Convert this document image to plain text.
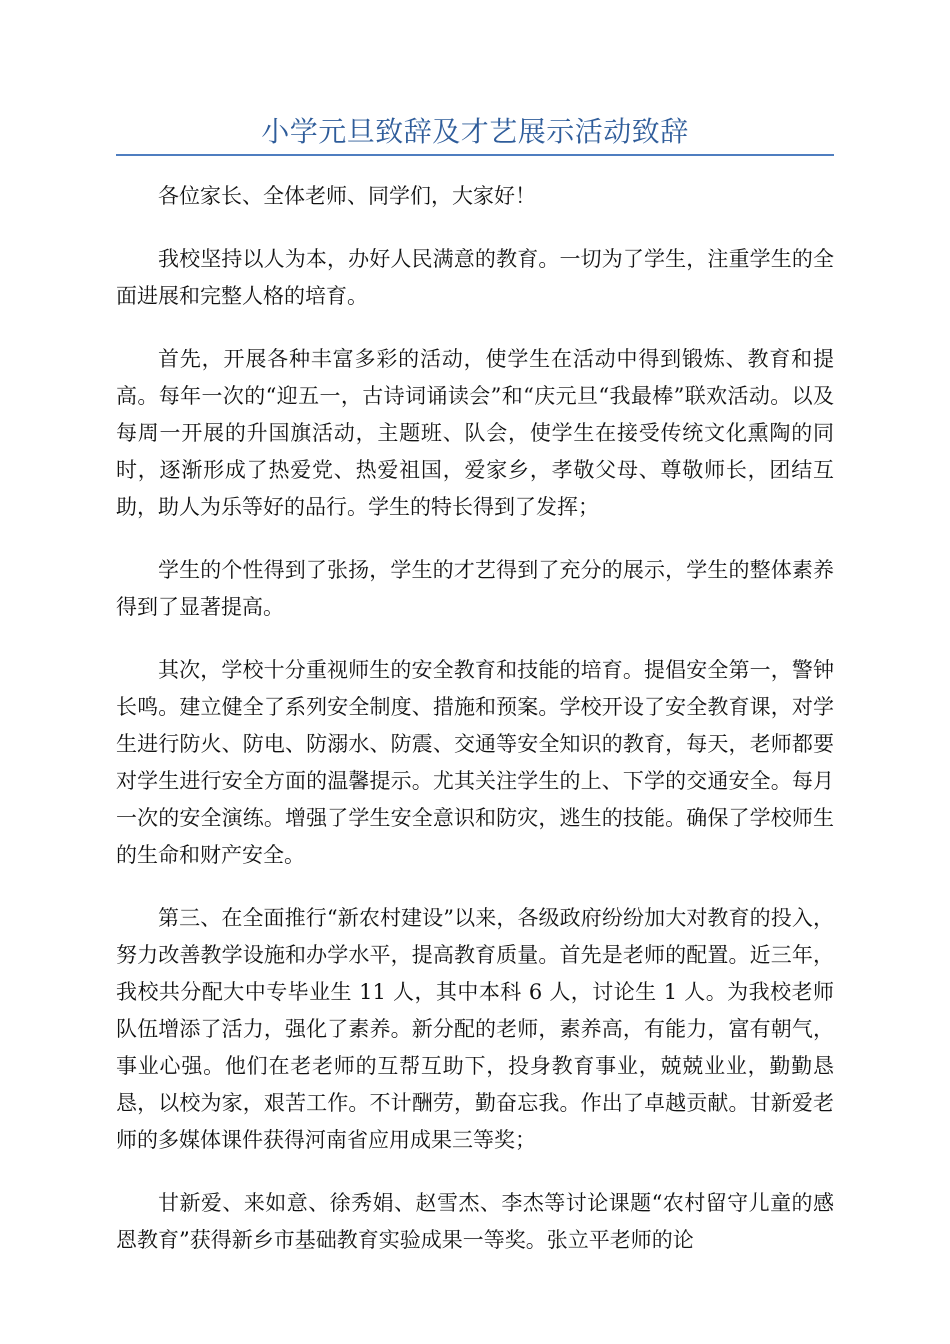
小学元旦致辞及才艺展示活动致辞

各位家长、全体老师、同学们，大家好！

我校坚持以人为本，办好人民满意的教育。一切为了学生，注重学生的全面进展和完整人格的培育。

首先，开展各种丰富多彩的活动，使学生在活动中得到锻炼、教育和提高。每年一次的“迎五一，古诗词诵读会”和“庆元旦“我最棒”联欢活动。以及每周一开展的升国旗活动，主题班、队会，使学生在接受传统文化熏陶的同时，逐渐形成了热爱党、热爱祖国，爱家乡，孝敬父母、尊敬师长，团结互助，助人为乐等好的品行。学生的特长得到了发挥；

学生的个性得到了张扬，学生的才艺得到了充分的展示，学生的整体素养得到了显著提高。

其次，学校十分重视师生的安全教育和技能的培育。提倡安全第一，警钟长鸣。建立健全了系列安全制度、措施和预案。学校开设了安全教育课，对学生进行防火、防电、防溺水、防震、交通等安全知识的教育，每天，老师都要对学生进行安全方面的温馨提示。尤其关注学生的上、下学的交通安全。每月一次的安全演练。增强了学生安全意识和防灾，逃生的技能。确保了学校师生的生命和财产安全。

第三、在全面推行“新农村建设”以来，各级政府纷纷加大对教育的投入，努力改善教学设施和办学水平，提高教育质量。首先是老师的配置。近三年，我校共分配大中专毕业生 11 人，其中本科 6 人，讨论生 1 人。为我校老师队伍增添了活力，强化了素养。新分配的老师，素养高，有能力，富有朝气，事业心强。他们在老老师的互帮互助下，投身教育事业，兢兢业业，勤勤恳恳，以校为家，艰苦工作。不计酬劳，勤奋忘我。作出了卓越贡献。甘新爱老师的多媒体课件获得河南省应用成果三等奖；

甘新爱、来如意、徐秀娟、赵雪杰、李杰等讨论课题“农村留守儿童的感恩教育”获得新乡市基础教育实验成果一等奖。张立平老师的论
